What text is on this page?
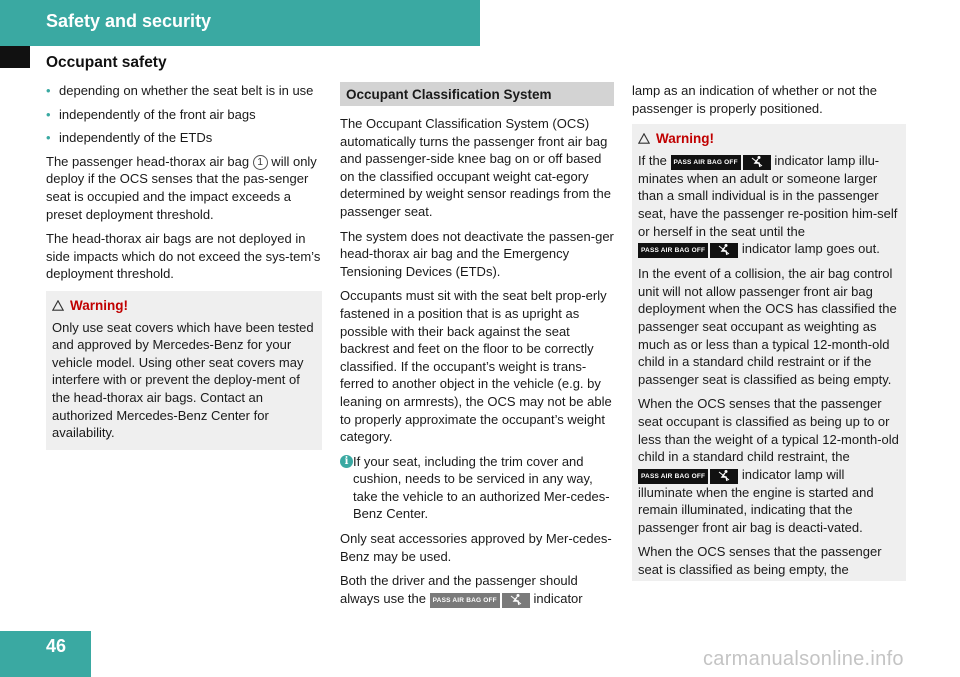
Safety and security
Occupant safety
• depending on whether the seat belt is in use
• independently of the front air bags
• independently of the ETDs

The passenger head-thorax air bag 1 will only deploy if the OCS senses that the pas-senger seat is occupied and the impact exceeds a preset deployment threshold.

The head-thorax air bags are not deployed in side impacts which do not exceed the sys-tem’s deployment threshold.

Warning!
Only use seat covers which have been tested and approved by Mercedes-Benz for your vehicle model. Using other seat covers may interfere with or prevent the deploy-ment of the head-thorax air bags. Contact an authorized Mercedes-Benz Center for availability.
Occupant Classification System

The Occupant Classification System (OCS) automatically turns the passenger front air bag and passenger-side knee bag on or off based on the classified occupant weight cat-egory determined by weight sensor readings from the passenger seat.

The system does not deactivate the passen-ger head-thorax air bag and the Emergency Tensioning Devices (ETDs).

Occupants must sit with the seat belt prop-erly fastened in a position that is as upright as possible with their back against the seat backrest and feet on the floor to be correctly classified. If the occupant’s weight is trans-ferred to another object in the vehicle (e.g. by leaning on armrests), the OCS may not be able to properly approximate the occupant’s weight category.

i If your seat, including the trim cover and cushion, needs to be serviced in any way, take the vehicle to an authorized Mer-cedes-Benz Center.

Only seat accessories approved by Mer-cedes-Benz may be used.

Both the driver and the passenger should always use the PASS AIR BAG OFF	indicator

lamp as an indication of whether or not the passenger is properly positioned.

Warning!

If the PASS AIR BAG OFF	indicator lamp illu-minates when an adult or someone larger than a small individual is in the passenger seat, have the passenger re-position him-self or herself in the seat until the PASS AIR BAG OFF	indicator lamp goes out.

In the event of a collision, the air bag control unit will not allow passenger front air bag deployment when the OCS has classified the passenger seat occupant as weighting as much as or less than a typical 12-month-old child in a standard child restraint or if the passenger seat is classified as being empty.

When the OCS senses that the passenger seat occupant is classified as being up to or less than the weight of a typical 12-month-old child in a standard child restraint, the PASS AIR BAG OFF	indicator lamp will illuminate when the engine is started and remain illuminated, indicating that the passenger front air bag is deacti-vated.

When the OCS senses that the passenger seat is classified as being empty, the

46
carmanualsonline.info
